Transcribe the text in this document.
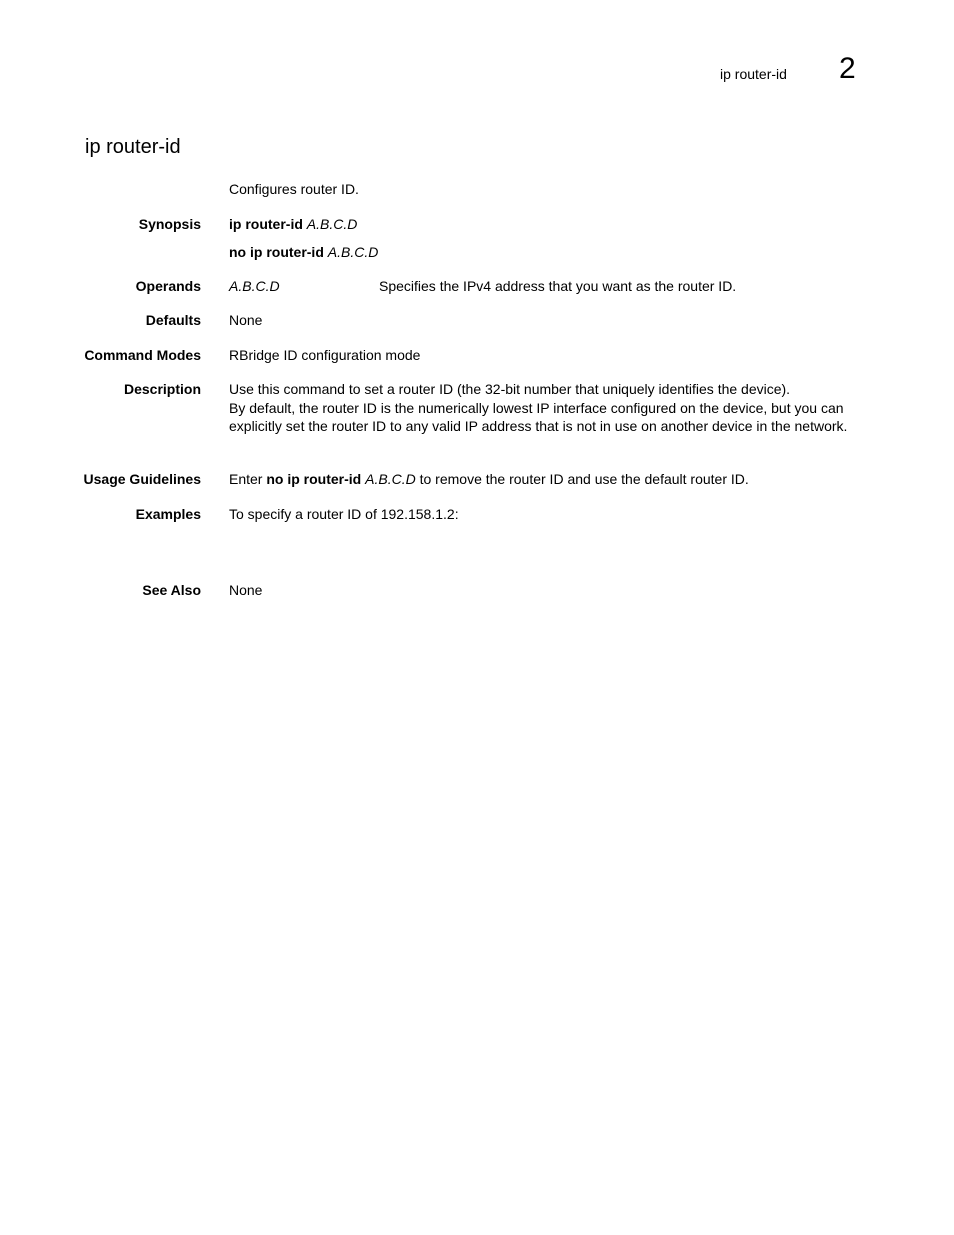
ip router-id 2
ip router-id
Configures router ID.
Synopsis ip router-id A.B.C.D
no ip router-id A.B.C.D
Operands A.B.C.D	Specifies the IPv4 address that you want as the router ID.
Defaults None
Command Modes RBridge ID configuration mode
Description Use this command to set a router ID (the 32-bit number that uniquely identifies the device).

By default, the router ID is the numerically lowest IP interface configured on the device, but you can explicitly set the router ID to any valid IP address that is not in use on another device in the network.

Usage Guidelines Enter no ip router-id A.B.C.D to remove the router ID and use the default router ID.
Examples To specify a router ID of 192.158.1.2:
See Also None
